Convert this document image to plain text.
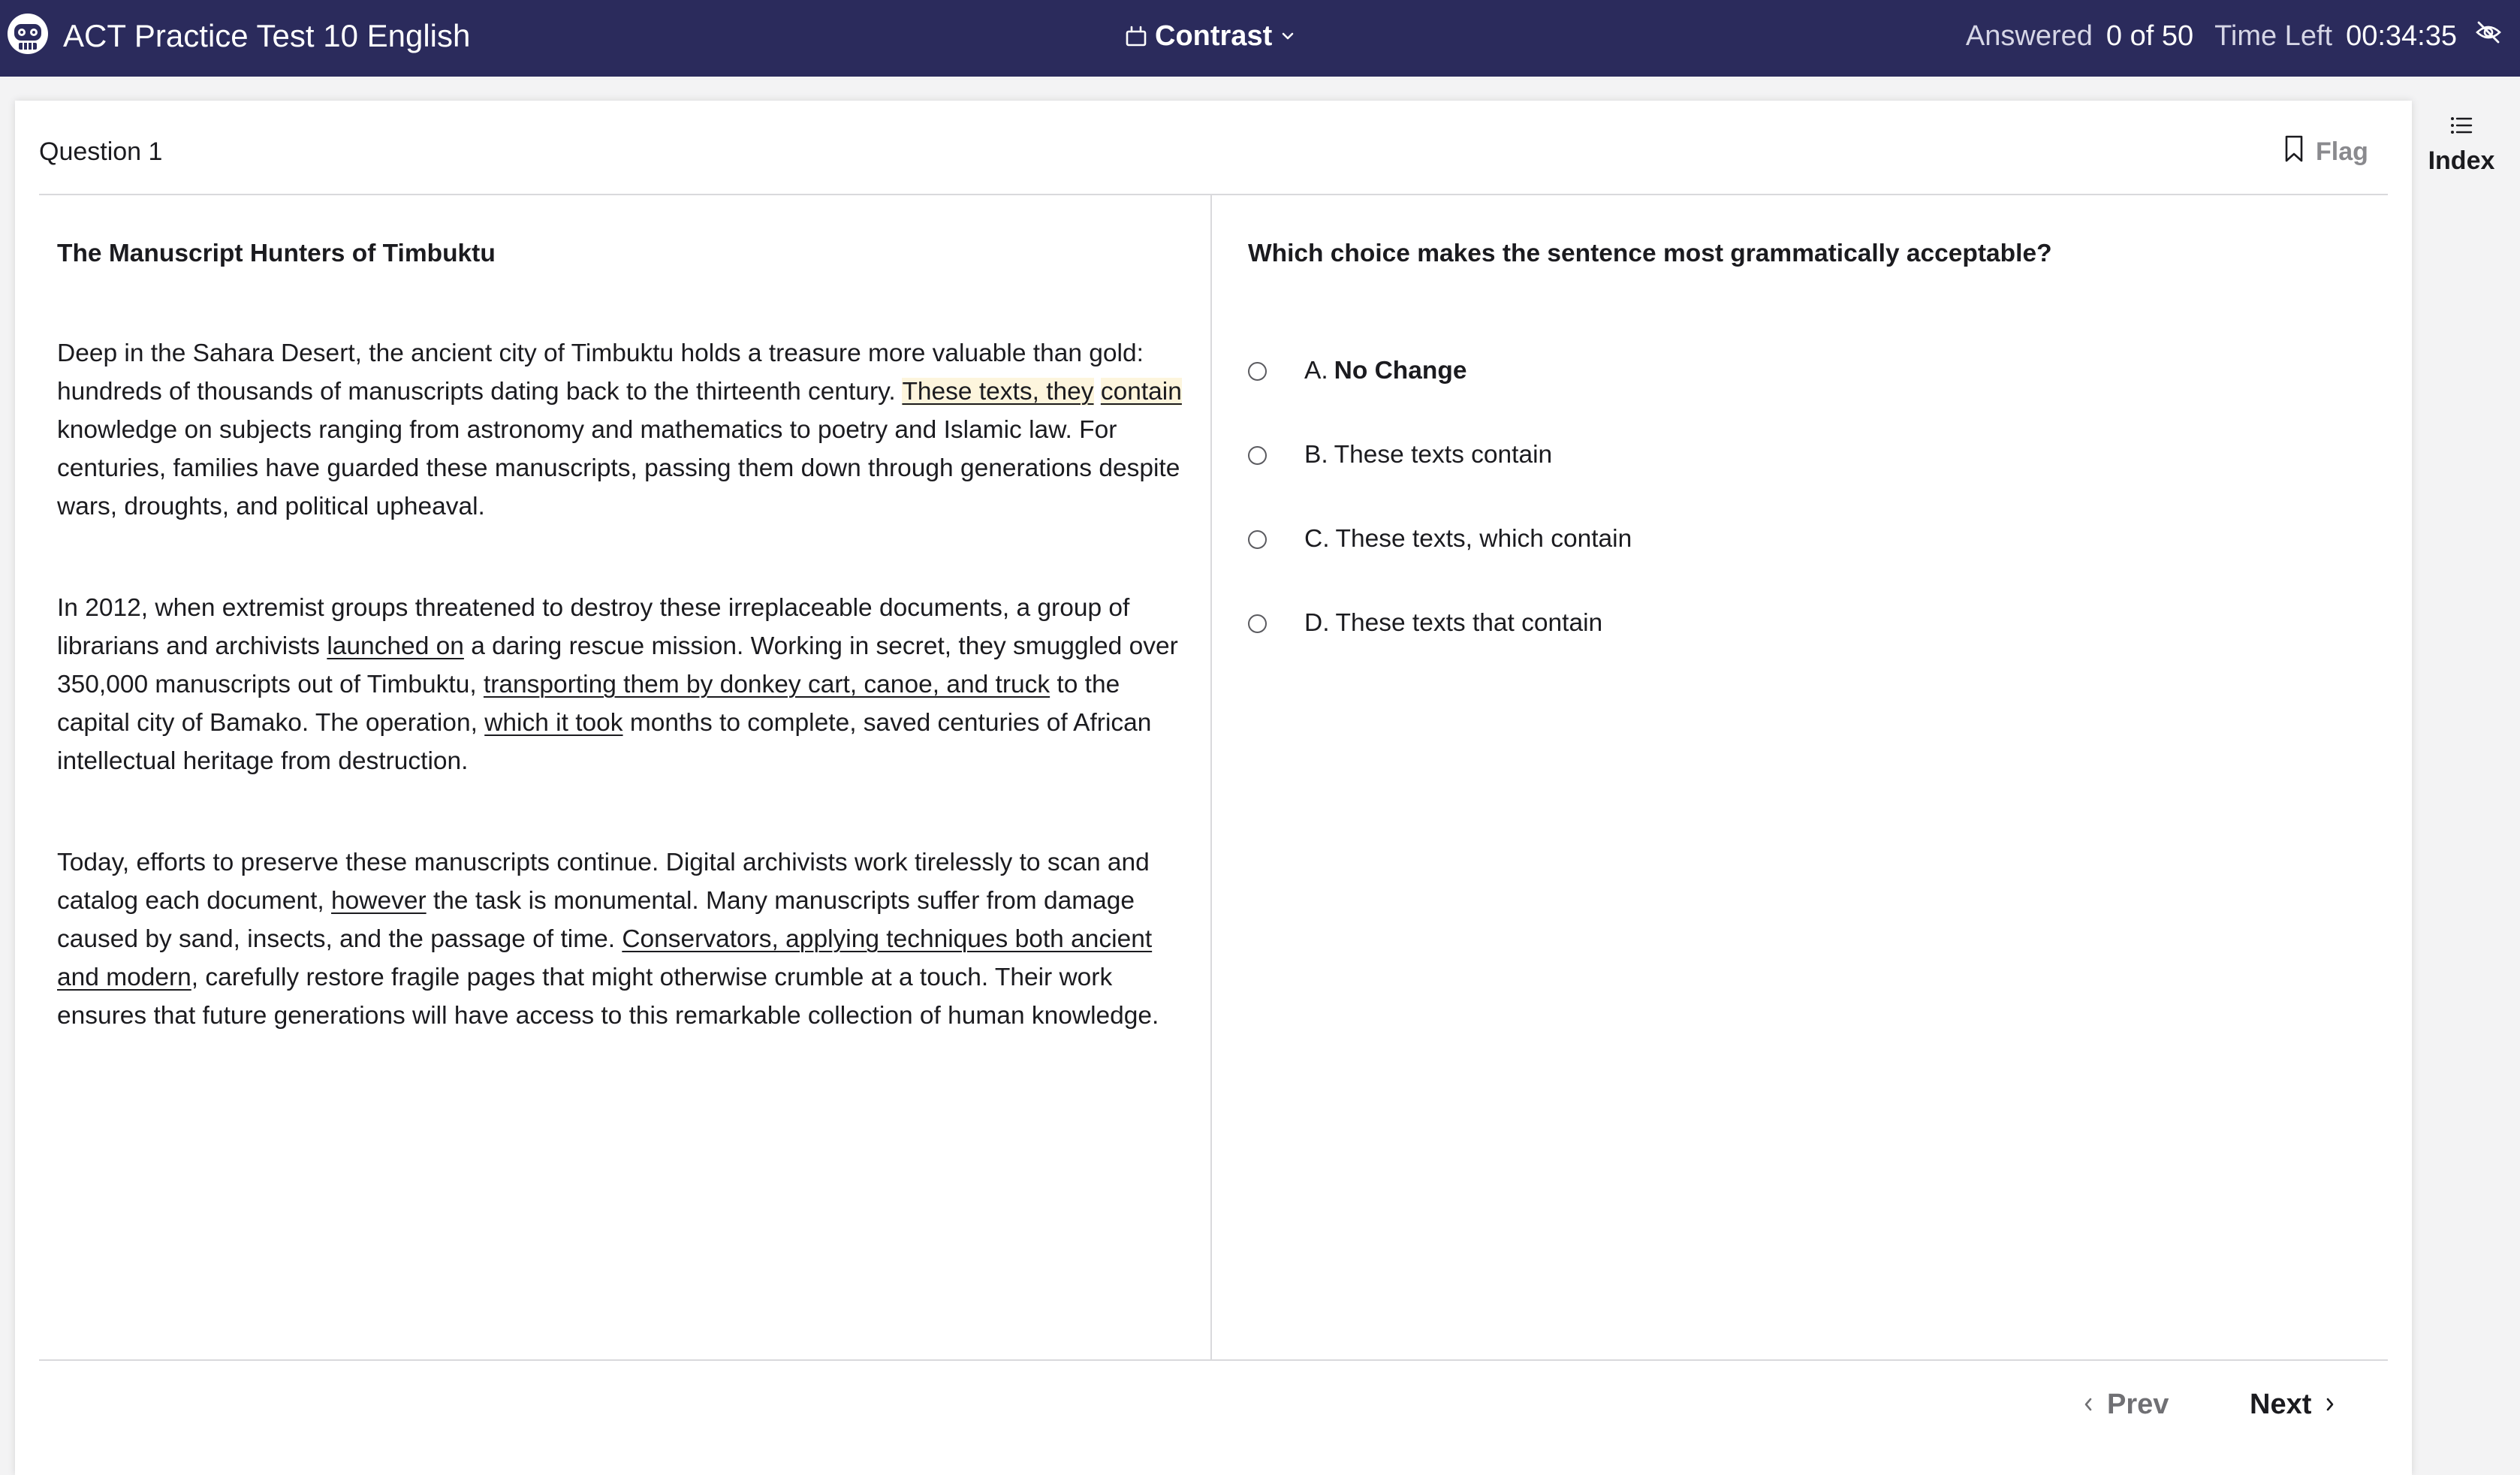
ACT Practice Test 10 English	Contrast	Answered 0 of 50 Time Left 00:34:35
Question 1	Flag
The Manuscript Hunters of Timbuktu

Deep in the Sahara Desert, the ancient city of Timbuktu holds a treasure more valuable than gold: hundreds of thousands of manuscripts dating back to the thirteenth century. These texts, they contain knowledge on subjects ranging from astronomy and mathematics to poetry and Islamic law. For centuries, families have guarded these manuscripts, passing them down through generations despite wars, droughts, and political upheaval.

In 2012, when extremist groups threatened to destroy these irreplaceable documents, a group of librarians and archivists launched on a daring rescue mission. Working in secret, they smuggled over 350,000 manuscripts out of Timbuktu, transporting them by donkey cart, canoe, and truck to the capital city of Bamako. The operation, which it took months to complete, saved centuries of African intellectual heritage from destruction.

Today, efforts to preserve these manuscripts continue. Digital archivists work tirelessly to scan and catalog each document, however the task is monumental. Many manuscripts suffer from damage caused by sand, insects, and the passage of time. Conservators, applying techniques both ancient and modern, carefully restore fragile pages that might otherwise crumble at a touch. Their work ensures that future generations will have access to this remarkable collection of human knowledge.

Which choice makes the sentence most grammatically acceptable?
A. No Change
B. These texts contain
C. These texts, which contain
D. These texts that contain
Prev	Next
Index
